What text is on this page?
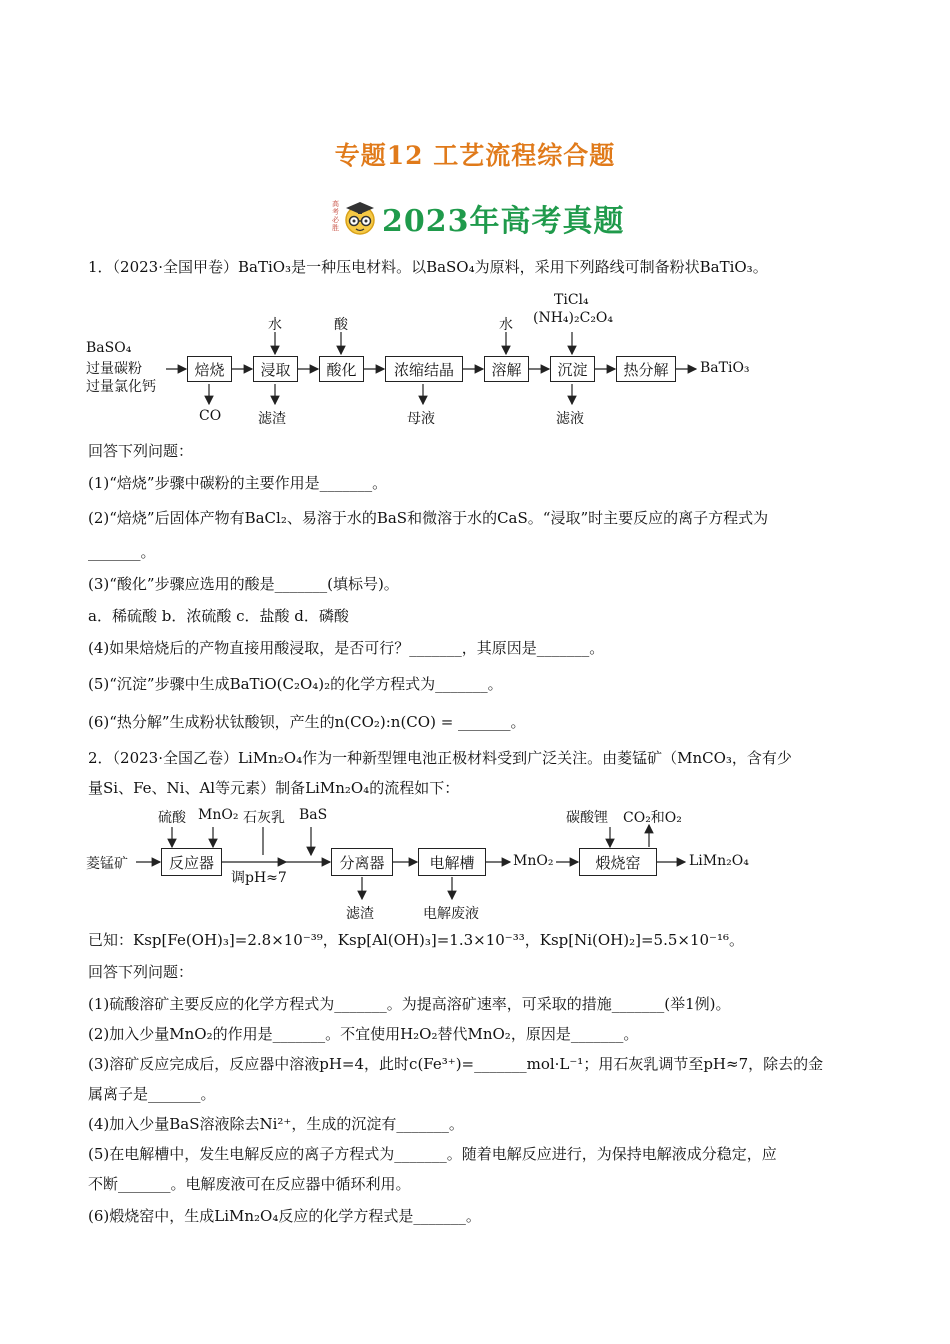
专题12 工艺流程综合题
高考必胜 2023年高考真题
1．（2023·全国甲卷）BaTiO₃是一种压电材料。以BaSO₄为原料，采用下列路线可制备粉状BaTiO₃。
BaSO₄
过量碳粉
过量氯化钙
焙烧	浸取	酸化	浓缩结晶	溶解	沉淀	热分解	BaTiO₃
水	酸	水
TiCl₄
(NH₄)₂C₂O₄
CO	滤渣	母液	滤液
回答下列问题：
(1)“焙烧”步骤中碳粉的主要作用是_______。
(2)“焙烧”后固体产物有BaCl₂、易溶于水的BaS和微溶于水的CaS。“浸取”时主要反应的离子方程式为
_______。
(3)“酸化”步骤应选用的酸是_______(填标号)。
a．稀硫酸 b．浓硫酸 c．盐酸 d．磷酸
(4)如果焙烧后的产物直接用酸浸取，是否可行？_______，其原因是_______。
(5)“沉淀”步骤中生成BaTiO(C₂O₄)₂的化学方程式为_______。
(6)“热分解”生成粉状钛酸钡，产生的n(CO₂):n(CO) = _______。
2．（2023·全国乙卷）LiMn₂O₄作为一种新型锂电池正极材料受到广泛关注。由菱锰矿（MnCO₃，含有少
量Si、Fe、Ni、Al等元素）制备LiMn₂O₄的流程如下：
菱锰矿	反应器	分离器	电解槽	煅烧窑
硫酸 MnO₂ 石灰乳 BaS	碳酸锂 CO₂和O₂
调pH≈7
MnO₂	LiMn₂O₄
滤渣	电解废液
已知：Ksp[Fe(OH)₃]=2.8×10⁻³⁹，Ksp[Al(OH)₃]=1.3×10⁻³³，Ksp[Ni(OH)₂]=5.5×10⁻¹⁶。
回答下列问题：
(1)硫酸溶矿主要反应的化学方程式为_______。为提高溶矿速率，可采取的措施_______(举1例)。
(2)加入少量MnO₂的作用是_______。不宜使用H₂O₂替代MnO₂，原因是_______。
(3)溶矿反应完成后，反应器中溶液pH=4，此时c(Fe³⁺)=_______mol·L⁻¹；用石灰乳调节至pH≈7，除去的金
属离子是_______。
(4)加入少量BaS溶液除去Ni²⁺，生成的沉淀有_______。
(5)在电解槽中，发生电解反应的离子方程式为_______。随着电解反应进行，为保持电解液成分稳定，应
不断_______。电解废液可在反应器中循环利用。
(6)煅烧窑中，生成LiMn₂O₄反应的化学方程式是_______。
